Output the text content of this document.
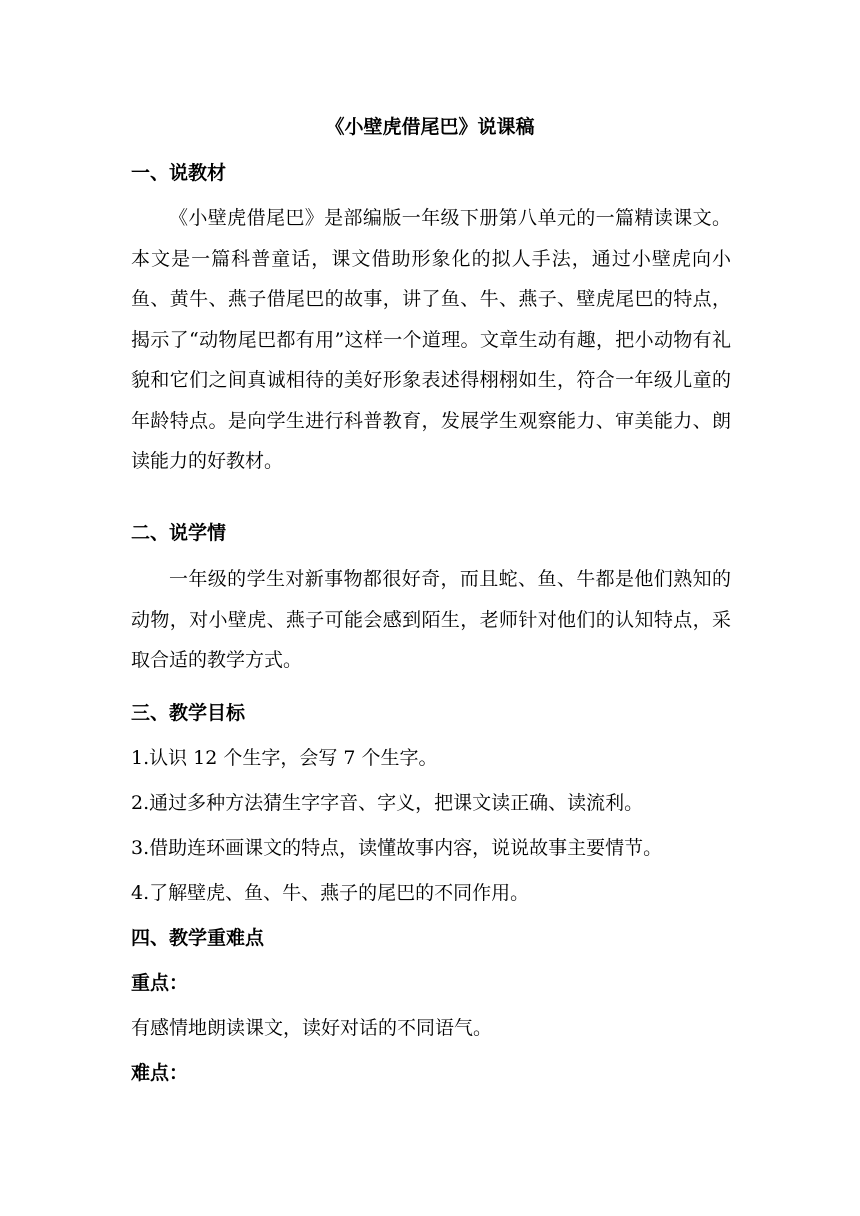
《小壁虎借尾巴》说课稿
一、说教材

《小壁虎借尾巴》是部编版一年级下册第八单元的一篇精读课文。本文是一篇科普童话，课文借助形象化的拟人手法，通过小壁虎向小鱼、黄牛、燕子借尾巴的故事，讲了鱼、牛、燕子、壁虎尾巴的特点，揭示了“动物尾巴都有用”这样一个道理。文章生动有趣，把小动物有礼貌和它们之间真诚相待的美好形象表述得栩栩如生，符合一年级儿童的年龄特点。是向学生进行科普教育，发展学生观察能力、审美能力、朗读能力的好教材。

二、说学情

一年级的学生对新事物都很好奇，而且蛇、鱼、牛都是他们熟知的动物，对小壁虎、燕子可能会感到陌生，老师针对他们的认知特点，采取合适的教学方式。

三、教学目标
1.认识 12 个生字，会写 7 个生字。
2.通过多种方法猜生字字音、字义，把课文读正确、读流利。
3.借助连环画课文的特点，读懂故事内容，说说故事主要情节。
4.了解壁虎、鱼、牛、燕子的尾巴的不同作用。
四、教学重难点
重点：
有感情地朗读课文，读好对话的不同语气。
难点：
